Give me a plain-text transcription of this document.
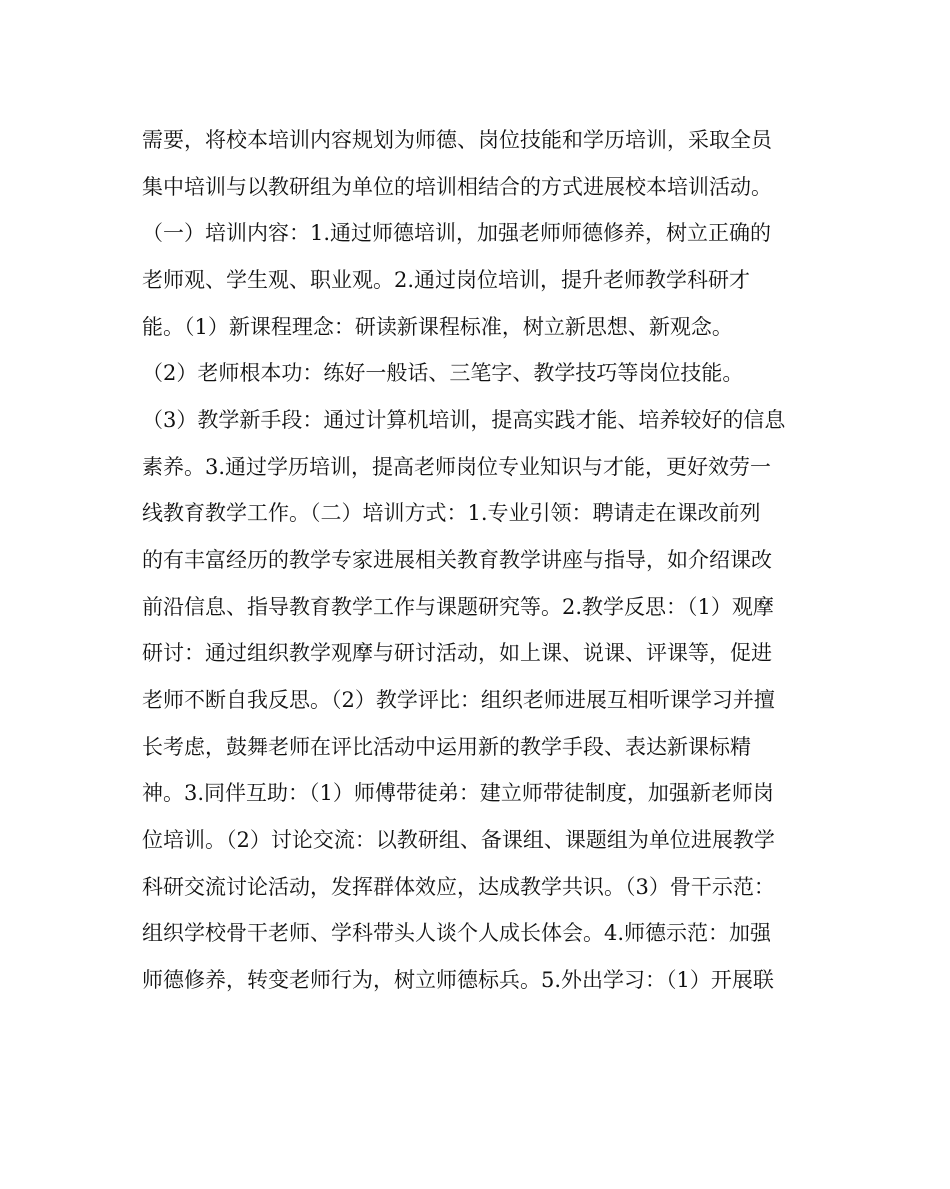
需要，将校本培训内容规划为师德、岗位技能和学历培训，采取全员
集中培训与以教研组为单位的培训相结合的方式进展校本培训活动。
（一）培训内容：1.通过师德培训，加强老师师德修养，树立正确的
老师观、学生观、职业观。2.通过岗位培训，提升老师教学科研才
能。（1）新课程理念：研读新课程标准，树立新思想、新观念。
（2）老师根本功：练好一般话、三笔字、教学技巧等岗位技能。
（3）教学新手段：通过计算机培训，提高实践才能、培养较好的信息
素养。3.通过学历培训，提高老师岗位专业知识与才能，更好效劳一
线教育教学工作。（二）培训方式：1.专业引领：聘请走在课改前列
的有丰富经历的教学专家进展相关教育教学讲座与指导，如介绍课改
前沿信息、指导教育教学工作与课题研究等。2.教学反思：（1）观摩
研讨：通过组织教学观摩与研讨活动，如上课、说课、评课等，促进
老师不断自我反思。（2）教学评比：组织老师进展互相听课学习并擅
长考虑，鼓舞老师在评比活动中运用新的教学手段、表达新课标精
神。3.同伴互助：（1）师傅带徒弟：建立师带徒制度，加强新老师岗
位培训。（2）讨论交流：以教研组、备课组、课题组为单位进展教学
科研交流讨论活动，发挥群体效应，达成教学共识。（3）骨干示范：
组织学校骨干老师、学科带头人谈个人成长体会。4.师德示范：加强
师德修养，转变老师行为，树立师德标兵。5.外出学习：（1）开展联
